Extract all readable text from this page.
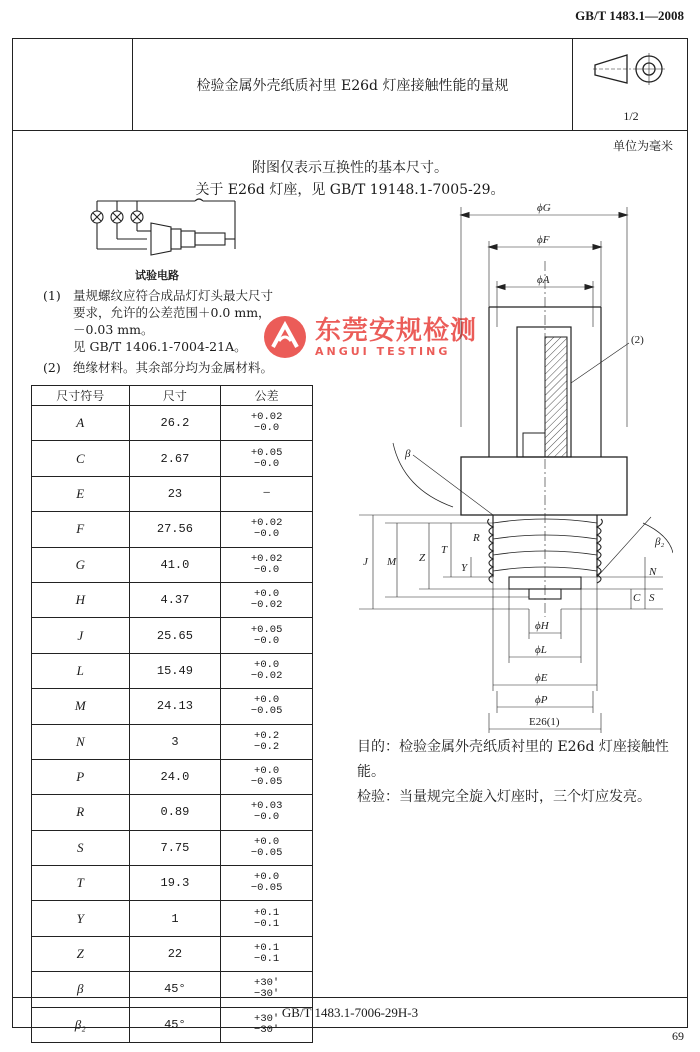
GB/T 1483.1—2008
检验金属外壳纸质衬里 E26d 灯座接触性能的量规
1/2
单位为毫米
附图仅表示互换性的基本尺寸。
关于 E26d 灯座，见 GB/T 19148.1-7005-29。
试验电路
(1) 量规螺纹应符合成品灯灯头最大尺寸
要求，允许的公差范围＋0.0 mm，
－0.03 mm。
见 GB/T 1406.1-7004-21A。
(2) 绝缘材料。其余部分均为金属材料。
东莞安规检测
ANGUI TESTING
尺寸符号	尺寸	公差
A	26.2	+0.02
−0.0

C	2.67	+0.05
−0.0

E	23	—

F	27.56	+0.02
−0.0

G	41.0	+0.02
−0.0

H	4.37	+0.0
−0.02

J	25.65	+0.05
−0.0

L	15.49	+0.0
−0.02

M	24.13	+0.0
−0.05

N	3	+0.2
−0.2

P	24.0	+0.0
−0.05

R	0.89	+0.03
−0.0

S	7.75	+0.0
−0.05

T	19.3	+0.0
−0.05

Y	1	+0.1
−0.1

Z	22	+0.1
−0.1

β	45°	+30′
−30′

β₂	45°	+30′
−30′
ϕG
ϕF
ϕA
(2)
β
β₂
R
J M Z
T
Y	N
S
C
ϕH
ϕL
ϕE
ϕP
E26(1)

目的：检验金属外壳纸质衬里的 E26d 灯座接触性能。

检验：当量规完全旋入灯座时，三个灯应发亮。

GB/T 1483.1-7006-29H-3
69
